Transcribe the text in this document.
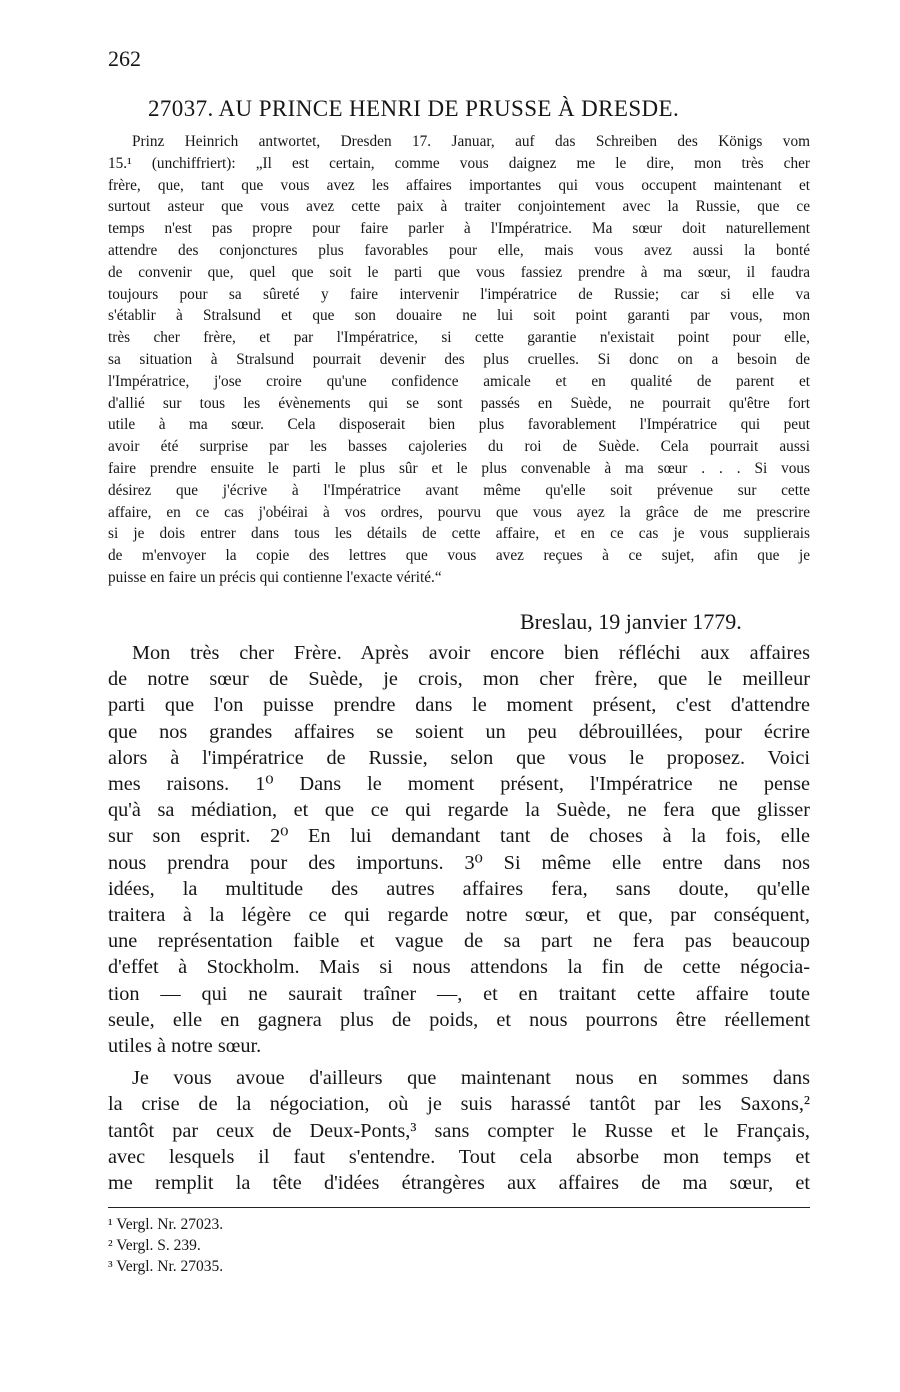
262
27037. AU PRINCE HENRI DE PRUSSE À DRESDE.
Prinz Heinrich antwortet, Dresden 17. Januar, auf das Schreiben des Königs vom
15.¹ (unchiffriert): „Il est certain, comme vous daignez me le dire, mon très cher
frère, que, tant que vous avez les affaires importantes qui vous occupent maintenant et
surtout asteur que vous avez cette paix à traiter conjointement avec la Russie, que ce
temps n'est pas propre pour faire parler à l'Impératrice. Ma sœur doit naturellement
attendre des conjonctures plus favorables pour elle, mais vous avez aussi la bonté
de convenir que, quel que soit le parti que vous fassiez prendre à ma sœur, il faudra
toujours pour sa sûreté y faire intervenir l'impératrice de Russie; car si elle va
s'établir à Stralsund et que son douaire ne lui soit point garanti par vous, mon
très cher frère, et par l'Impératrice, si cette garantie n'existait point pour elle,
sa situation à Stralsund pourrait devenir des plus cruelles. Si donc on a besoin de
l'Impératrice, j'ose croire qu'une confidence amicale et en qualité de parent et
d'allié sur tous les évènements qui se sont passés en Suède, ne pourrait qu'être fort
utile à ma sœur. Cela disposerait bien plus favorablement l'Impératrice qui peut
avoir été surprise par les basses cajoleries du roi de Suède. Cela pourrait aussi
faire prendre ensuite le parti le plus sûr et le plus convenable à ma sœur . . . Si vous
désirez que j'écrive à l'Impératrice avant même qu'elle soit prévenue sur cette
affaire, en ce cas j'obéirai à vos ordres, pourvu que vous ayez la grâce de me prescrire
si je dois entrer dans tous les détails de cette affaire, et en ce cas je vous supplierais
de m'envoyer la copie des lettres que vous avez reçues à ce sujet, afin que je
puisse en faire un précis qui contienne l'exacte vérité.“
Breslau, 19 janvier 1779.
Mon très cher Frère. Après avoir encore bien réfléchi aux affaires
de notre sœur de Suède, je crois, mon cher frère, que le meilleur
parti que l'on puisse prendre dans le moment présent, c'est d'attendre
que nos grandes affaires se soient un peu débrouillées, pour écrire
alors à l'impératrice de Russie, selon que vous le proposez. Voici
mes raisons. 1⁰ Dans le moment présent, l'Impératrice ne pense
qu'à sa médiation, et que ce qui regarde la Suède, ne fera que glisser
sur son esprit. 2⁰ En lui demandant tant de choses à la fois, elle
nous prendra pour des importuns. 3⁰ Si même elle entre dans nos
idées, la multitude des autres affaires fera, sans doute, qu'elle
traitera à la légère ce qui regarde notre sœur, et que, par conséquent,
une représentation faible et vague de sa part ne fera pas beaucoup
d'effet à Stockholm. Mais si nous attendons la fin de cette négocia-
tion — qui ne saurait traîner —, et en traitant cette affaire toute
seule, elle en gagnera plus de poids, et nous pourrons être réellement
utiles à notre sœur.
Je vous avoue d'ailleurs que maintenant nous en sommes dans
la crise de la négociation, où je suis harassé tantôt par les Saxons,²
tantôt par ceux de Deux-Ponts,³ sans compter le Russe et le Français,
avec lesquels il faut s'entendre. Tout cela absorbe mon temps et
me remplit la tête d'idées étrangères aux affaires de ma sœur, et
¹ Vergl. Nr. 27023.
² Vergl. S. 239.
³ Vergl. Nr. 27035.
